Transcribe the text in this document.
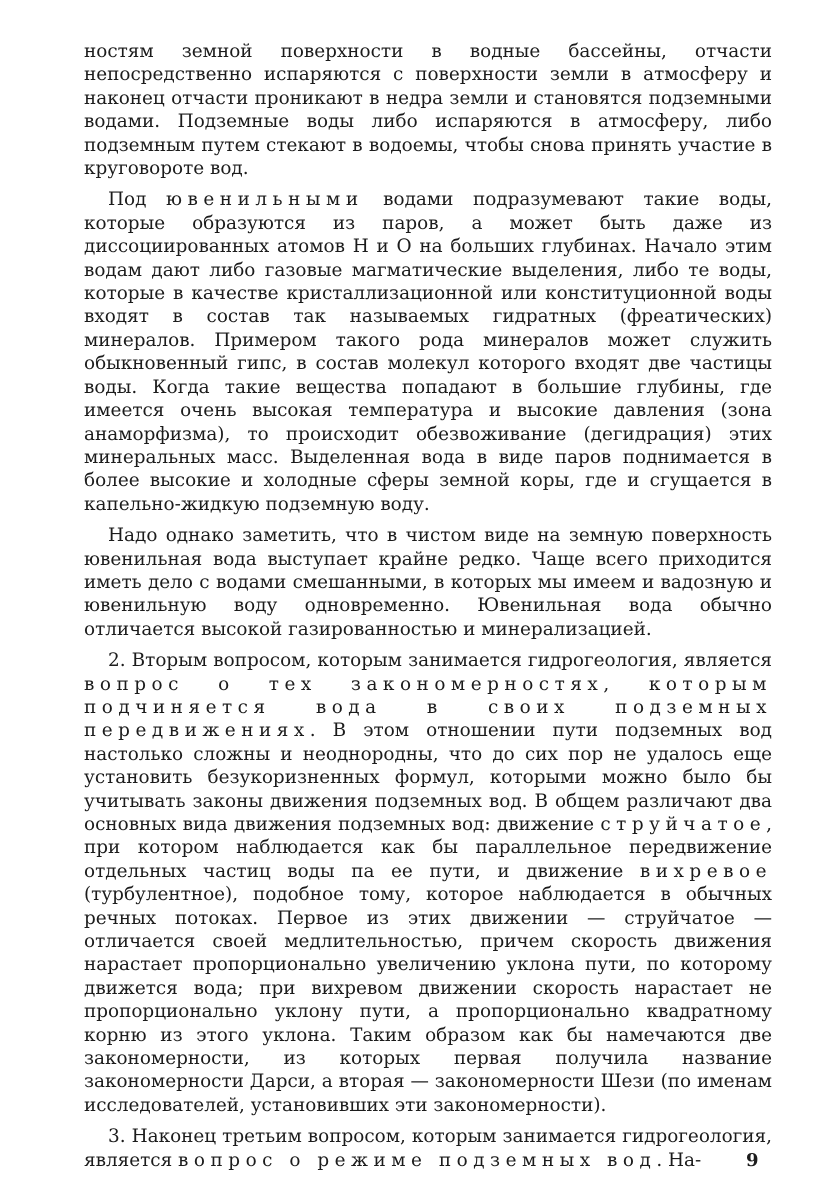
ностям земной поверхности в водные бассейны, отчасти непосредственно испаряются с поверхности земли в атмосферу и наконец отчасти проникают в недра земли и становятся подземными водами. Подземные воды либо испаряются в атмосферу, либо подземным путем стекают в водоемы, чтобы снова принять участие в круговороте вод.

Под ювенильными водами подразумевают такие воды, которые образуются из паров, а может быть даже из диссоциированных атомов Н и О на больших глубинах. Начало этим водам дают либо газовые магматические выделения, либо те воды, которые в качестве кристаллизационной или конституционной воды входят в состав так называемых гидратных (фреатических) минералов. Примером такого рода минералов может служить обыкновенный гипс, в состав молекул которого входят две частицы воды. Когда такие вещества попадают в большие глубины, где имеется очень высокая температура и высокие давления (зона анаморфизма), то происходит обезвоживание (дегидрация) этих минеральных масс. Выделенная вода в виде паров поднимается в более высокие и холодные сферы земной коры, где и сгущается в капельно-жидкую подземную воду.

Надо однако заметить, что в чистом виде на земную поверхность ювенильная вода выступает крайне редко. Чаще всего приходится иметь дело с водами смешанными, в которых мы имеем и вадозную и ювенильную воду одновременно. Ювенильная вода обычно отличается высокой газированностью и минерализацией.

2. Вторым вопросом, которым занимается гидрогеология, является вопрос о тех закономерностях, которым подчиняется вода в своих подземных передвижениях. В этом отношении пути подземных вод настолько сложны и неоднородны, что до сих пор не удалось еще установить безукоризненных формул, которыми можно было бы учитывать законы движения подземных вод. В общем различают два основных вида движения подземных вод: движение струйчатое, при котором наблюдается как бы параллельное передвижение отдельных частиц воды па ее пути, и движение вихревое (турбулентное), подобное тому, которое наблюдается в обычных речных потоках. Первое из этих движении — струйчатое — отличается своей медлительностью, причем скорость движения нарастает пропорционально увеличению уклона пути, по которому движется вода; при вихревом движении скорость нарастает не пропорционально уклону пути, а пропорционально квадратному корню из этого уклона. Таким образом как бы намечаются две закономерности, из которых первая получила название закономерности Дарси, а вторая — закономерности Шези (по именам исследователей, установивших эти закономерности).

3. Наконец третьим вопросом, которым занимается гидрогеология, является вопрос о режиме подземных вод. На-	9
